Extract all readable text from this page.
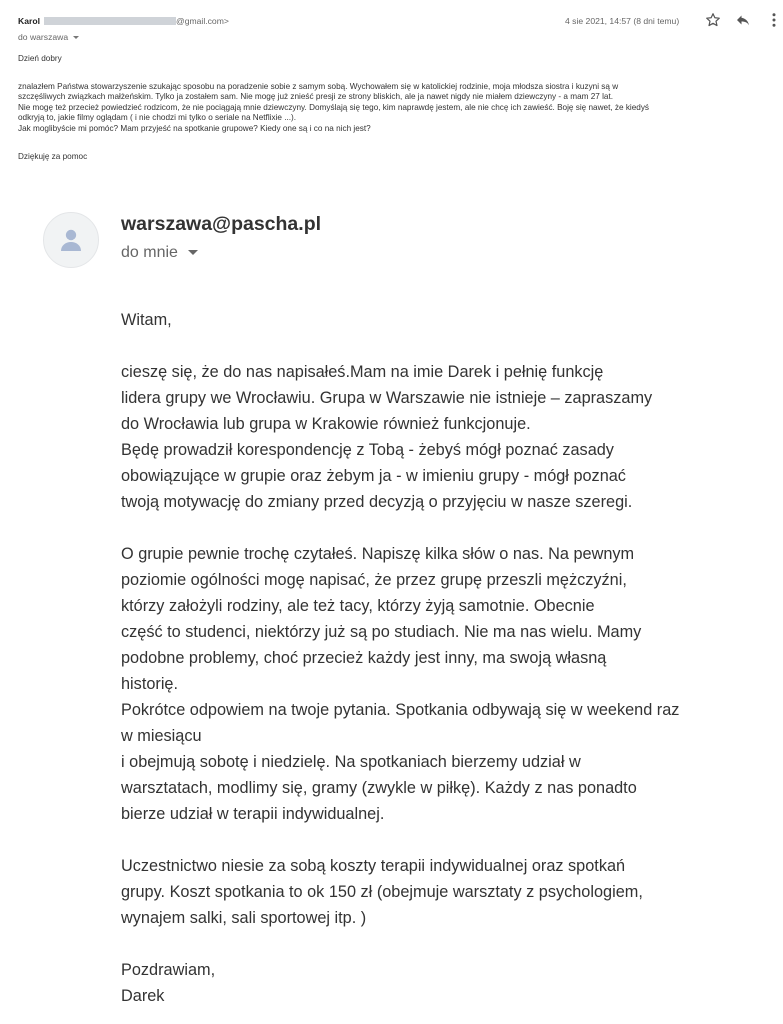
Karol	@gmail.com>
do warszawa
4 sie 2021, 14:57 (8 dni temu)

Dzień dobry

znalazłem Państwa stowarzyszenie szukając sposobu na poradzenie sobie z samym sobą. Wychowałem się w katolickiej rodzinie, moja młodsza siostra i kuzyni są w
szczęśliwych związkach małżeńskim. Tylko ja zostałem sam. Nie mogę już znieść presji ze strony bliskich, ale ja nawet nigdy nie miałem dziewczyny - a mam 27 lat.
Nie mogę też przecież powiedzieć rodzicom, że nie pociągają mnie dziewczyny. Domyślają się tego, kim naprawdę jestem, ale nie chcę ich zawieść. Boję się nawet, że kiedyś
odkryją to, jakie filmy oglądam ( i nie chodzi mi tylko o seriale na Netflixie ...).
Jak moglibyście mi pomóc? Mam przyjeść na spotkanie grupowe? Kiedy one są i co na nich jest?

Dziękuję za pomoc

warszawa@pascha.pl
do mnie

Witam,

cieszę się, że do nas napisałeś.Mam na imie Darek i pełnię funkcję
lidera grupy we Wrocławiu. Grupa w Warszawie nie istnieje – zapraszamy
do Wrocławia lub grupa w Krakowie również funkcjonuje.
Będę prowadził korespondencję z Tobą - żebyś mógł poznać zasady
obowiązujące w grupie oraz żebym ja - w imieniu grupy - mógł poznać
twoją motywację do zmiany przed decyzją o przyjęciu w nasze szeregi.

O grupie pewnie trochę czytałeś. Napiszę kilka słów o nas. Na pewnym
poziomie ogólności mogę napisać, że przez grupę przeszli mężczyźni,
którzy założyli rodziny, ale też tacy, którzy żyją samotnie. Obecnie
część to studenci, niektórzy już są po studiach. Nie ma nas wielu. Mamy
podobne problemy, choć przecież każdy jest inny, ma swoją własną
historię.
Pokrótce odpowiem na twoje pytania. Spotkania odbywają się w weekend raz
w miesiącu
i obejmują sobotę i niedzielę. Na spotkaniach bierzemy udział w
warsztatach, modlimy się, gramy (zwykle w piłkę). Każdy z nas ponadto
bierze udział w terapii indywidualnej.

Uczestnictwo niesie za sobą koszty terapii indywidualnej oraz spotkań
grupy. Koszt spotkania to ok 150 zł (obejmuje warsztaty z psychologiem,
wynajem salki, sali sportowej itp. )

Pozdrawiam,

Darek
